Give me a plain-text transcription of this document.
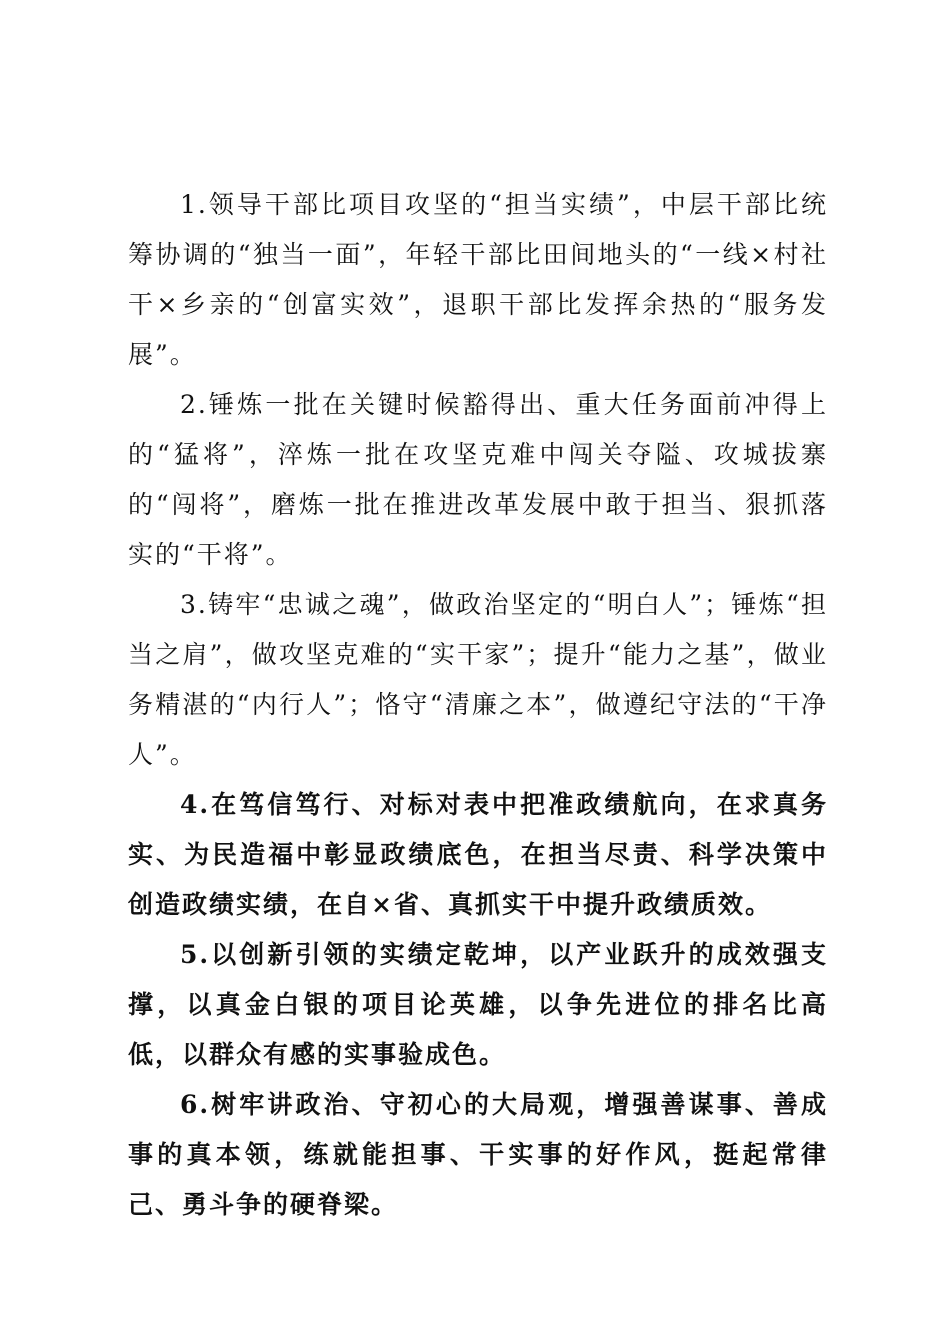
1.领导干部比项目攻坚的“担当实绩”，中层干部比统筹协调的“独当一面”，年轻干部比田间地头的“一线×村社干×乡亲的“创富实效”，退职干部比发挥余热的“服务发展”。

2.锤炼一批在关键时候豁得出、重大任务面前冲得上的“猛将”，淬炼一批在攻坚克难中闯关夺隘、攻城拔寨的“闯将”，磨炼一批在推进改革发展中敢于担当、狠抓落实的“干将”。

3.铸牢“忠诚之魂”，做政治坚定的“明白人”；锤炼“担当之肩”，做攻坚克难的“实干家”；提升“能力之基”，做业务精湛的“内行人”；恪守“清廉之本”，做遵纪守法的“干净人”。

4.在笃信笃行、对标对表中把准政绩航向，在求真务实、为民造福中彰显政绩底色，在担当尽责、科学决策中创造政绩实绩，在自×省、真抓实干中提升政绩质效。

5.以创新引领的实绩定乾坤，以产业跃升的成效强支撑，以真金白银的项目论英雄，以争先进位的排名比高低，以群众有感的实事验成色。

6.树牢讲政治、守初心的大局观，增强善谋事、善成事的真本领，练就能担事、干实事的好作风，挺起常律己、勇斗争的硬脊梁。
